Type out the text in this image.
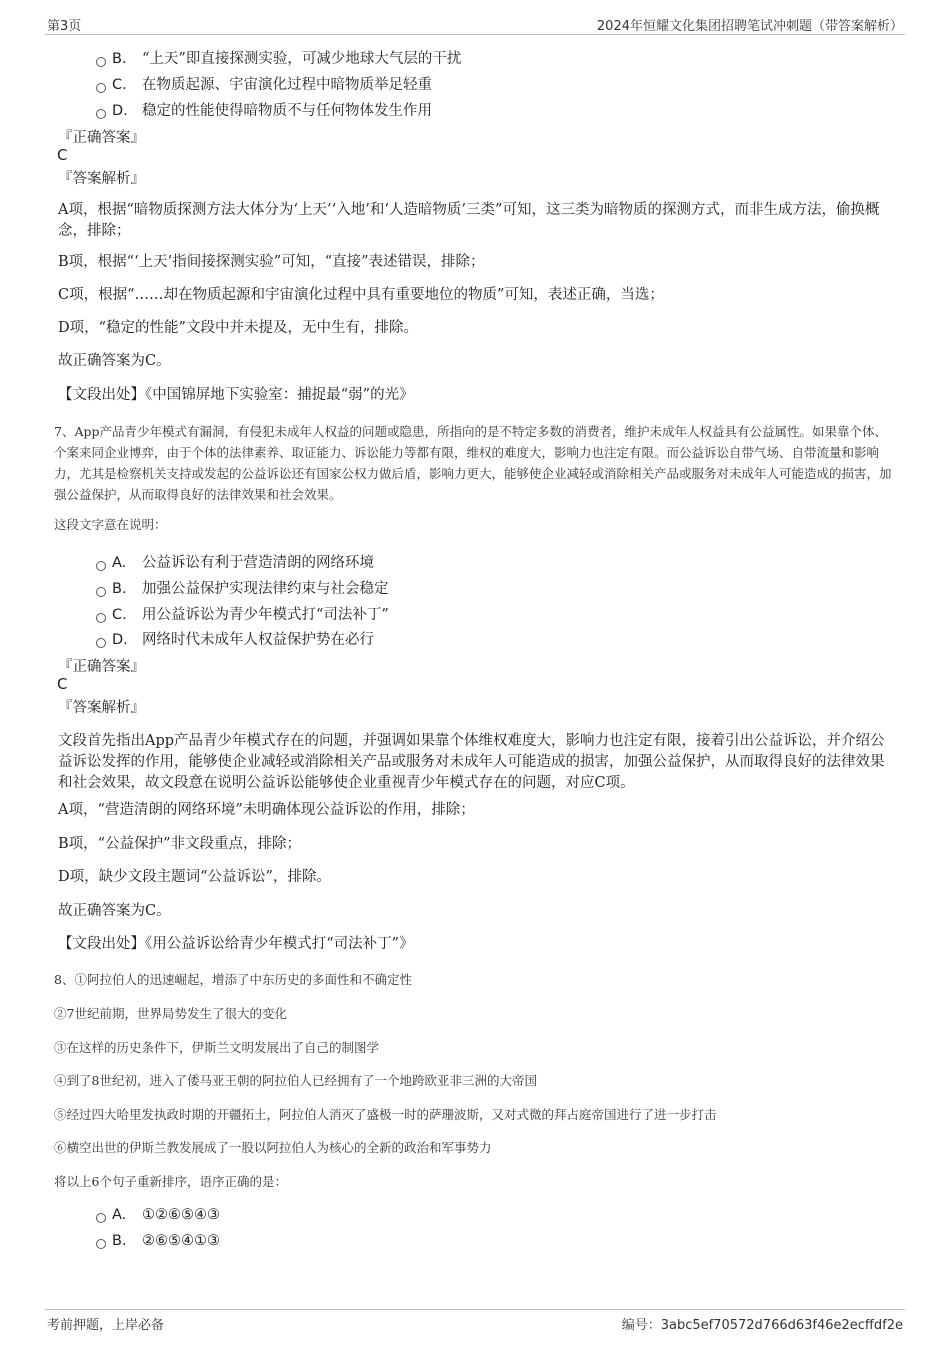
第3页	2024年恒耀文化集团招聘笔试冲刺题（带答案解析）
B. “上天”即直接探测实验，可减少地球大气层的干扰
C. 在物质起源、宇宙演化过程中暗物质举足轻重
D. 稳定的性能使得暗物质不与任何物体发生作用
『正确答案』
C
『答案解析』
A项，根据“暗物质探测方法大体分为‘上天’‘入地’和‘人造暗物质’三类”可知，这三类为暗物质的探测方式，而非生成方法，偷换概念，排除；
B项，根据“‘上天’指间接探测实验”可知，“直接”表述错误，排除；
C项，根据“……却在物质起源和宇宙演化过程中具有重要地位的物质”可知，表述正确，当选；
D项，“稳定的性能”文段中并未提及，无中生有，排除。
故正确答案为C。
【文段出处】《中国锦屏地下实验室：捕捉最“弱”的光》
7、App产品青少年模式有漏洞，有侵犯未成年人权益的问题或隐患，所指向的是不特定多数的消费者，维护未成年人权益具有公益属性。如果靠个体、个案来同企业博弈，由于个体的法律素养、取证能力、诉讼能力等都有限，维权的难度大，影响力也注定有限。而公益诉讼自带气场、自带流量和影响力，尤其是检察机关支持或发起的公益诉讼还有国家公权力做后盾，影响力更大，能够使企业减轻或消除相关产品或服务对未成年人可能造成的损害，加强公益保护，从而取得良好的法律效果和社会效果。
这段文字意在说明：
A. 公益诉讼有利于营造清朗的网络环境
B. 加强公益保护实现法律约束与社会稳定
C. 用公益诉讼为青少年模式打“司法补丁”
D. 网络时代未成年人权益保护势在必行
『正确答案』
C
『答案解析』
文段首先指出App产品青少年模式存在的问题，并强调如果靠个体维权难度大，影响力也注定有限，接着引出公益诉讼，并介绍公益诉讼发挥的作用，能够使企业减轻或消除相关产品或服务对未成年人可能造成的损害，加强公益保护，从而取得良好的法律效果和社会效果，故文段意在说明公益诉讼能够使企业重视青少年模式存在的问题，对应C项。
A项，“营造清朗的网络环境”未明确体现公益诉讼的作用，排除；
B项，“公益保护”非文段重点，排除；
D项，缺少文段主题词“公益诉讼”，排除。
故正确答案为C。
【文段出处】《用公益诉讼给青少年模式打“司法补丁”》
8、①阿拉伯人的迅速崛起，增添了中东历史的多面性和不确定性
②7世纪前期，世界局势发生了很大的变化
③在这样的历史条件下，伊斯兰文明发展出了自己的制图学
④到了8世纪初，进入了倭马亚王朝的阿拉伯人已经拥有了一个地跨欧亚非三洲的大帝国
⑤经过四大哈里发执政时期的开疆拓土，阿拉伯人消灭了盛极一时的萨珊波斯，又对式微的拜占庭帝国进行了进一步打击
⑥横空出世的伊斯兰教发展成了一股以阿拉伯人为核心的全新的政治和军事势力
将以上6个句子重新排序，语序正确的是：
A. ①②⑥⑤④③
B. ②⑥⑤④①③
考前押题，上岸必备	编号：3abc5ef70572d766d63f46e2ecffdf2e
